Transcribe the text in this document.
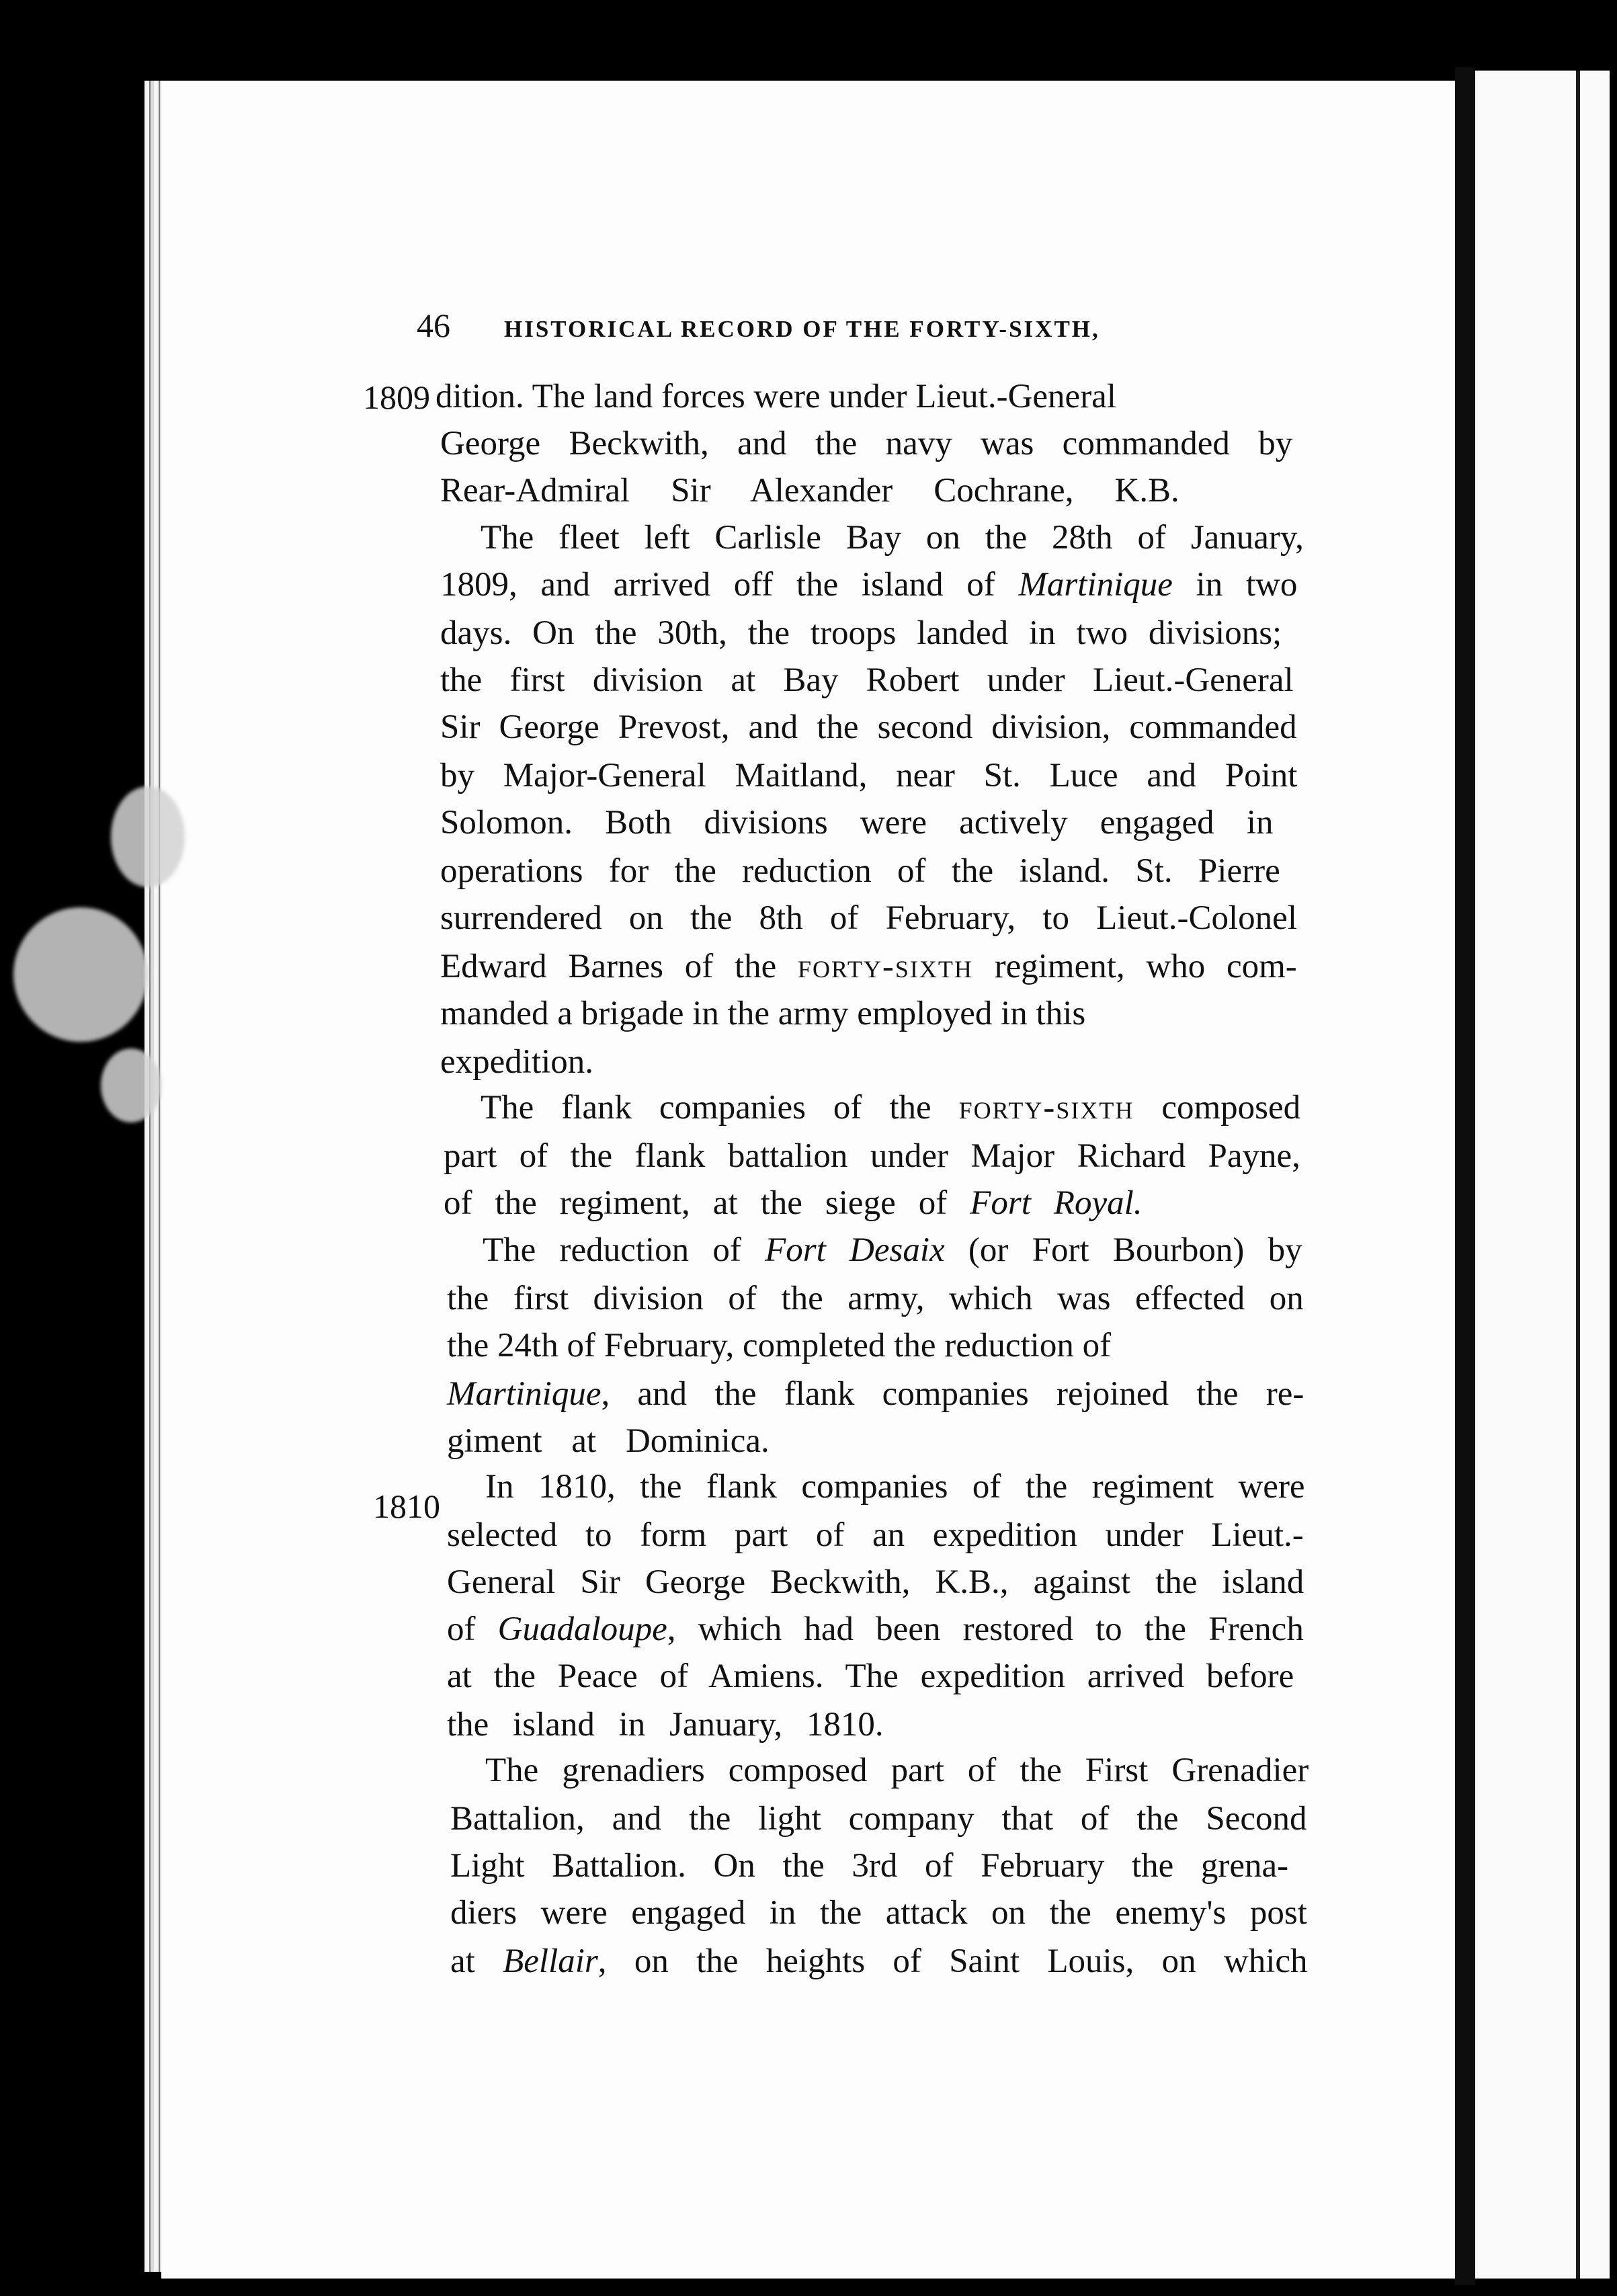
46	HISTORICAL RECORD OF THE FORTY-SIXTH,
1809
1810
dition. The land forces were under Lieut.-General
George Beckwith, and the navy was commanded by
Rear-Admiral Sir Alexander Cochrane, K.B.
The fleet left Carlisle Bay on the 28th of January,
1809, and arrived off the island of Martinique in two
days. On the 30th, the troops landed in two divisions;
the first division at Bay Robert under Lieut.-General
Sir George Prevost, and the second division, commanded
by Major-General Maitland, near St. Luce and Point
Solomon. Both divisions were actively engaged in
operations for the reduction of the island. St. Pierre
surrendered on the 8th of February, to Lieut.-Colonel
Edward Barnes of the forty-sixth regiment, who com-
manded a brigade in the army employed in this
expedition.
The flank companies of the forty-sixth composed
part of the flank battalion under Major Richard Payne,
of the regiment, at the siege of Fort Royal.
The reduction of Fort Desaix (or Fort Bourbon) by
the first division of the army, which was effected on
the 24th of February, completed the reduction of
Martinique, and the flank companies rejoined the re-
giment at Dominica.
In 1810, the flank companies of the regiment were
selected to form part of an expedition under Lieut.-
General Sir George Beckwith, K.B., against the island
of Guadaloupe, which had been restored to the French
at the Peace of Amiens. The expedition arrived before
the island in January, 1810.
The grenadiers composed part of the First Grenadier
Battalion, and the light company that of the Second
Light Battalion. On the 3rd of February the grena-
diers were engaged in the attack on the enemy's post
at Bellair, on the heights of Saint Louis, on which
